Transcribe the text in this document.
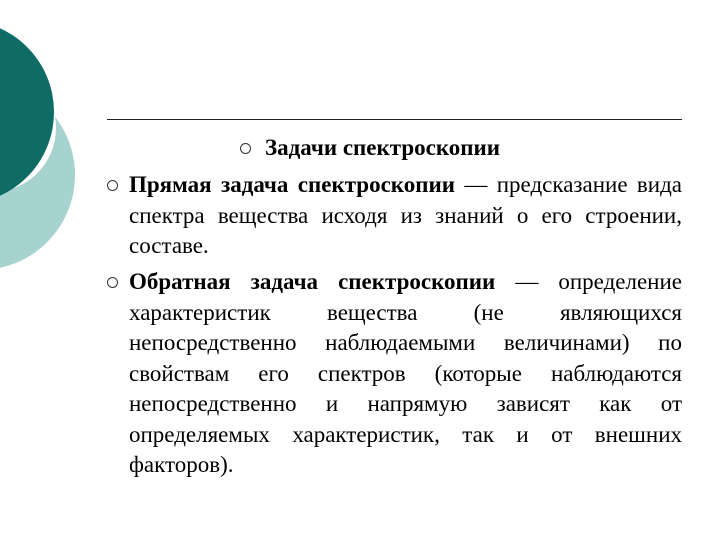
Задачи спектроскопии
Прямая задача спектроскопии — предсказание вида спектра вещества исходя из знаний о его строении, составе.
Обратная задача спектроскопии — определение характеристик вещества (не являющихся непосредственно наблюдаемыми величинами) по свойствам его спектров (которые наблюдаются непосредственно и напрямую зависят как от определяемых характеристик, так и от внешних факторов).
